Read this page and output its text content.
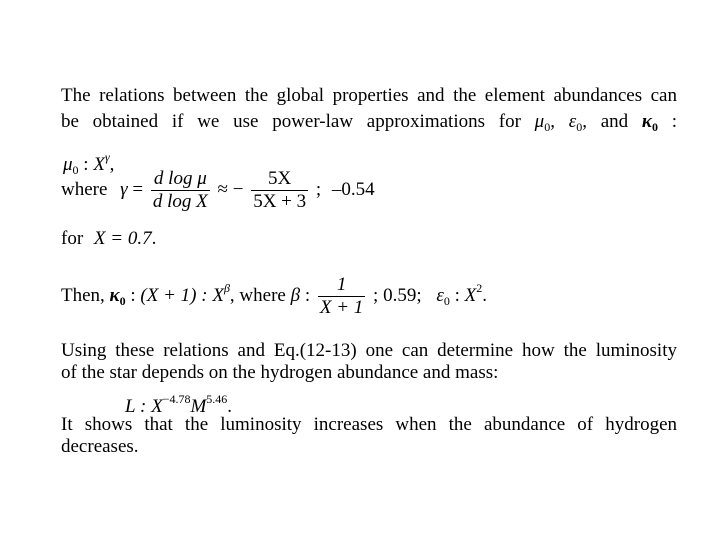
The relations between the global properties and the element abundances can
be obtained if we use power-law approximations for $\mu_0$, $\varepsilon_0$, and $\kappa_0$ :
$\mu_0$ : $X^\gamma$,
where $\gamma = \frac{\text{d log μ}}{\text{d log X}}$ ≈ − $\frac{5X}{5X + 3}$ ; –0.54
for X = 0.7.
Then, $\kappa_0$ : (X + 1) : $X^\beta$, where β : $\frac{1}{X + 1}$ ; 0.59; $\varepsilon_0$ : $X^2$.
Using these relations and Eq.(12-13) one can determine how the luminosity
of the star depends on the hydrogen abundance and mass:
L : $X^{-4.78}M^{5.46}$.
It shows that the luminosity increases when the abundance of hydrogen
decreases.
